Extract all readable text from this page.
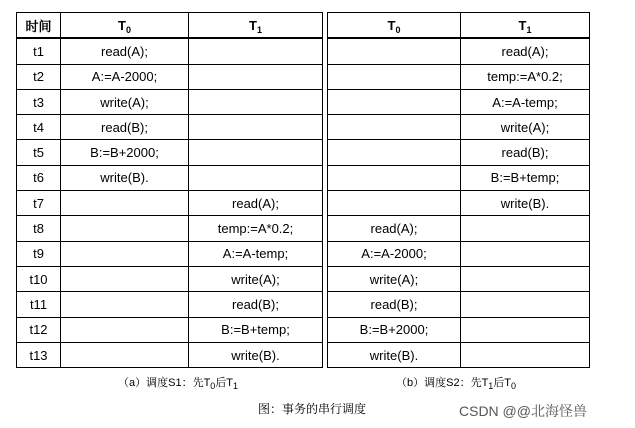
时间	$T_0$	$T_1$
t1	read(A);	
t2	A:=A-2000;	
t3	write(A);	
t4	read(B);	
t5	B:=B+2000;	
t6	write(B).	
t7		read(A);
t8		temp:=A*0.2;
t9		A:=A-temp;
t10		write(A);
t11		read(B);
t12		B:=B+temp;
t13		write(B).
$T_0$	$T_1$
	read(A);
	temp:=A*0.2;
	A:=A-temp;
	write(A);
	read(B);
	B:=B+temp;
	write(B).
read(A);	
A:=A-2000;	
write(A);	
read(B);	
B:=B+2000;	
write(B).	
（a）调度S1：先$T_0$后$T_1$	（b）调度S2：先$T_1$后$T_0$
图：事务的串行调度	CSDN @@北海怪兽
